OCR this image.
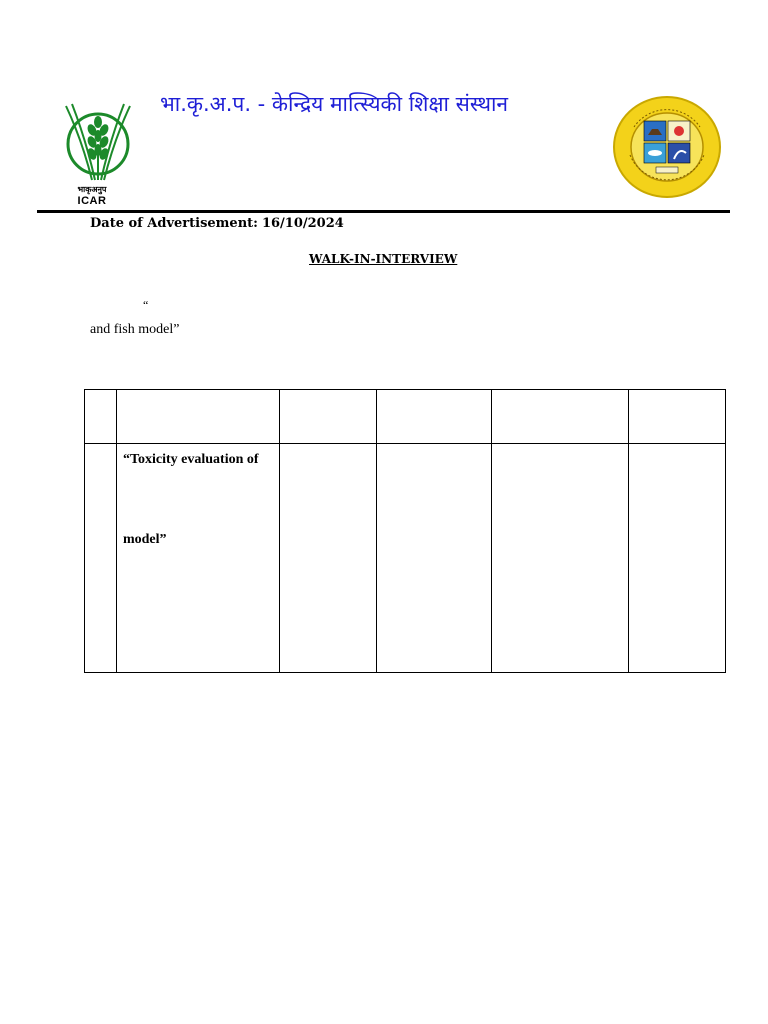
भाकृअनुप
ICAR
भा.कृ.अ.प. - केन्द्रिय मात्स्यिकी शिक्षा संस्थान
Date of Advertisement: 16/10/2024
WALK-IN-INTERVIEW
“
and fish model”

	“Toxicity evaluation of
model”				
